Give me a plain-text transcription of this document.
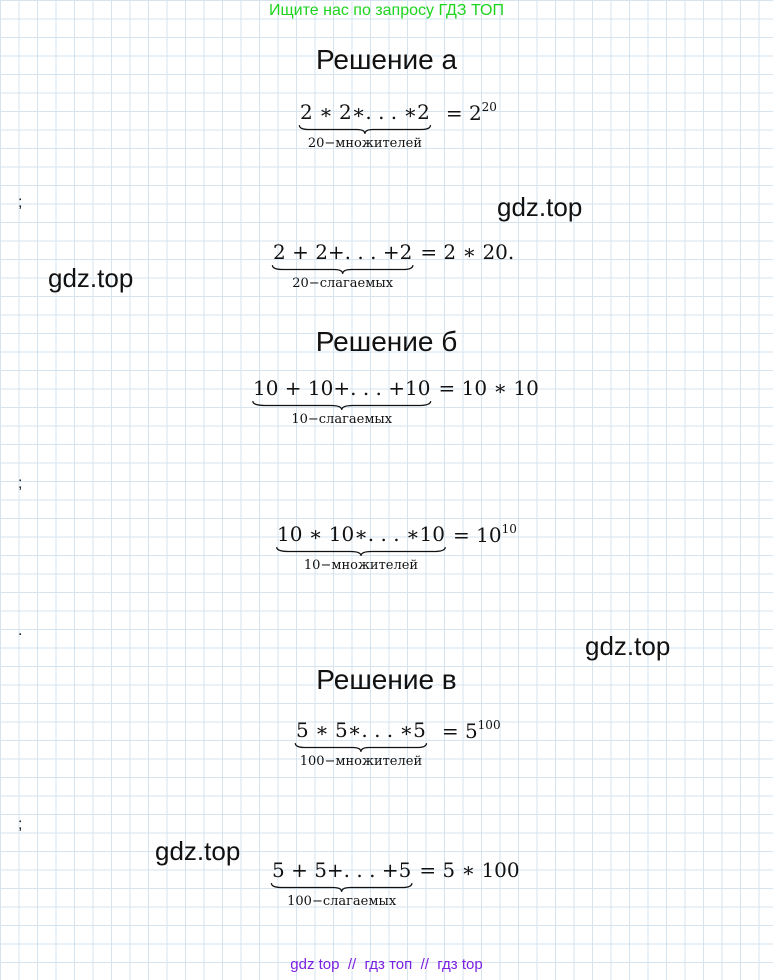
Ищите нас по запросу ГДЗ ТОП
Решение а
2 ∗ 2∗. . . ∗2
20−множителей
= $2^{20}$
;	gdz.top
2 + 2+. . . +2
20−слагаемых
= 2 ∗ 20.
gdz.top
Решение б
10 + 10+. . . +10
10−слагаемых
= 10 ∗ 10
;
10 ∗ 10∗. . . ∗10
10−множителей
= $10^{10}$
.
gdz.top
Решение в
5 ∗ 5∗. . . ∗5
100−множителей
= $5^{100}$
;
gdz.top
5 + 5+. . . +5
100−слагаемых
= 5 ∗ 100
gdz top  //  гдз топ  //  гдз top
